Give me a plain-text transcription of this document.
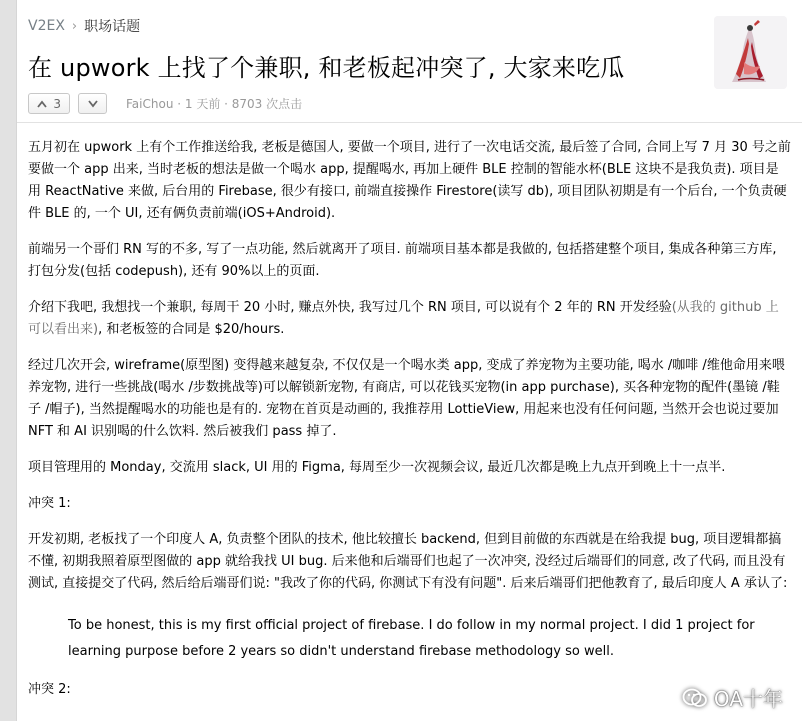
V2EX › 职场话题
在 upwork 上找了个兼职, 和老板起冲突了, 大家来吃瓜
3	FaiChou · 1 天前 · 8703 次点击

五月初在 upwork 上有个工作推送给我, 老板是德国人, 要做一个项目, 进行了一次电话交流, 最后签了合同, 合同上写 7 月 30 号之前要做一个 app 出来, 当时老板的想法是做一个喝水 app, 提醒喝水, 再加上硬件 BLE 控制的智能水杯(BLE 这块不是我负责). 项目是用 ReactNative 来做, 后台用的 Firebase, 很少有接口, 前端直接操作 Firestore(读写 db), 项目团队初期是有一个后台, 一个负责硬件 BLE 的, 一个 UI, 还有俩负责前端(iOS+Android).

前端另一个哥们 RN 写的不多, 写了一点功能, 然后就离开了项目. 前端项目基本都是我做的, 包括搭建整个项目, 集成各种第三方库, 打包分发(包括 codepush), 还有 90%以上的页面.

介绍下我吧, 我想找一个兼职, 每周干 20 小时, 赚点外快, 我写过几个 RN 项目, 可以说有个 2 年的 RN 开发经验(从我的 github 上可以看出来), 和老板签的合同是 $20/hours.

经过几次开会, wireframe(原型图) 变得越来越复杂, 不仅仅是一个喝水类 app, 变成了养宠物为主要功能, 喝水 /咖啡 /维他命用来喂养宠物, 进行一些挑战(喝水 /步数挑战等)可以解锁新宠物, 有商店, 可以花钱买宠物(in app purchase), 买各种宠物的配件(墨镜 /鞋子 /帽子), 当然提醒喝水的功能也是有的. 宠物在首页是动画的, 我推荐用 LottieView, 用起来也没有任何问题, 当然开会也说过要加 NFT 和 AI 识别喝的什么饮料. 然后被我们 pass 掉了.

项目管理用的 Monday, 交流用 slack, UI 用的 Figma, 每周至少一次视频会议, 最近几次都是晚上九点开到晚上十一点半.

冲突 1:

开发初期, 老板找了一个印度人 A, 负责整个团队的技术, 他比较擅长 backend, 但到目前做的东西就是在给我提 bug, 项目逻辑都搞不懂, 初期我照着原型图做的 app 就给我找 UI bug. 后来他和后端哥们也起了一次冲突, 没经过后端哥们的同意, 改了代码, 而且没有测试, 直接提交了代码, 然后给后端哥们说: "我改了你的代码, 你测试下有没有问题". 后来后端哥们把他教育了, 最后印度人 A 承认了:

To be honest, this is my first official project of firebase. I do follow in my normal project. I did 1 project for learning purpose before 2 years so didn't understand firebase methodology so well.

冲突 2:	OA十年
